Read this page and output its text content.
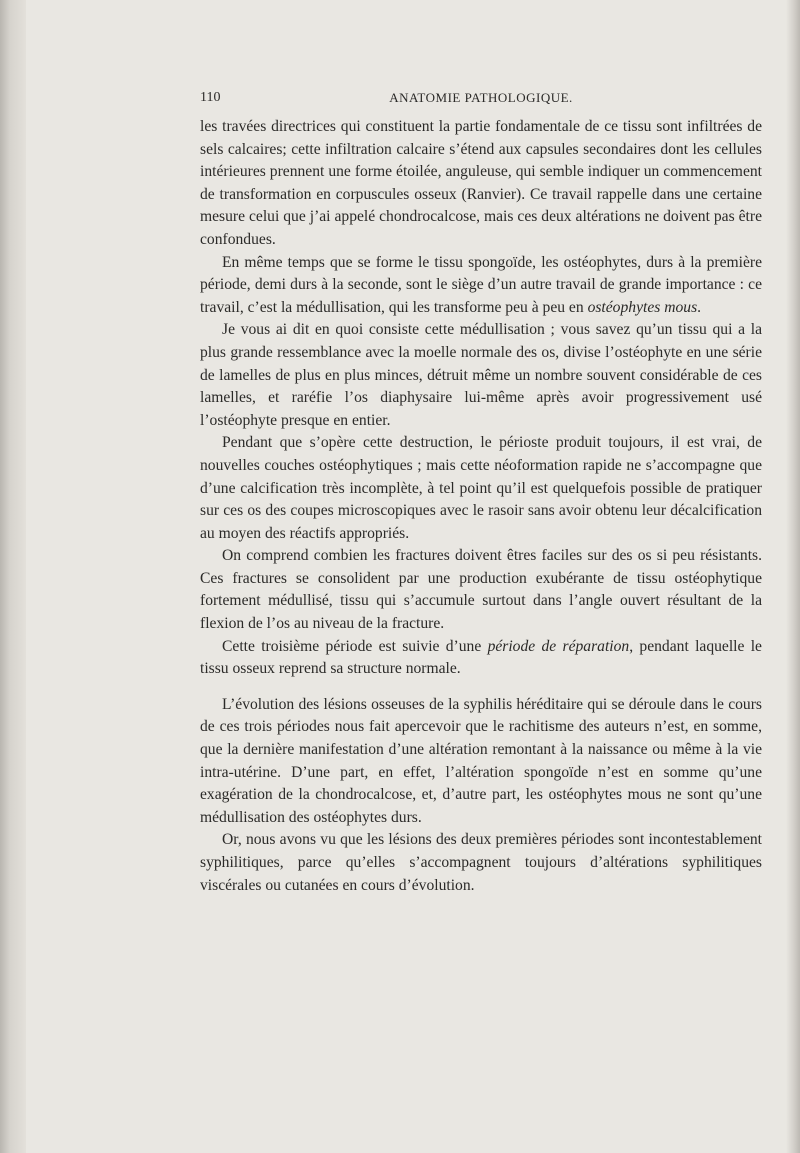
110	ANATOMIE PATHOLOGIQUE.

les travées directrices qui constituent la partie fondamentale de ce tissu sont infiltrées de sels calcaires; cette infiltration calcaire s’étend aux capsules secondaires dont les cellules intérieures prennent une forme étoilée, anguleuse, qui semble indiquer un commencement de transformation en corpuscules osseux (Ranvier). Ce travail rappelle dans une certaine mesure celui que j’ai appelé chondrocalcose, mais ces deux altérations ne doivent pas être confondues.

En même temps que se forme le tissu spongoïde, les ostéophytes, durs à la première période, demi durs à la seconde, sont le siège d’un autre travail de grande importance : ce travail, c’est la médullisation, qui les transforme peu à peu en ostéophytes mous.

Je vous ai dit en quoi consiste cette médullisation ; vous savez qu’un tissu qui a la plus grande ressemblance avec la moelle normale des os, divise l’ostéophyte en une série de lamelles de plus en plus minces, détruit même un nombre souvent considérable de ces lamelles, et raréfie l’os diaphysaire lui-même après avoir progressivement usé l’ostéophyte presque en entier.

Pendant que s’opère cette destruction, le périoste produit toujours, il est vrai, de nouvelles couches ostéophytiques ; mais cette néoformation rapide ne s’accompagne que d’une calcification très incomplète, à tel point qu’il est quelquefois possible de pratiquer sur ces os des coupes microscopiques avec le rasoir sans avoir obtenu leur décalcification au moyen des réactifs appropriés.

On comprend combien les fractures doivent êtres faciles sur des os si peu résistants. Ces fractures se consolident par une production exubérante de tissu ostéophytique fortement médullisé, tissu qui s’accumule surtout dans l’angle ouvert résultant de la flexion de l’os au niveau de la fracture.

Cette troisième période est suivie d’une période de réparation, pendant laquelle le tissu osseux reprend sa structure normale.

L’évolution des lésions osseuses de la syphilis héréditaire qui se déroule dans le cours de ces trois périodes nous fait apercevoir que le rachitisme des auteurs n’est, en somme, que la dernière manifestation d’une altération remontant à la naissance ou même à la vie intra-utérine. D’une part, en effet, l’altération spongoïde n’est en somme qu’une exagération de la chondrocalcose, et, d’autre part, les ostéophytes mous ne sont qu’une médullisation des ostéophytes durs.

Or, nous avons vu que les lésions des deux premières périodes sont incontestablement syphilitiques, parce qu’elles s’accompagnent toujours d’altérations syphilitiques viscérales ou cutanées en cours d’évolution.
